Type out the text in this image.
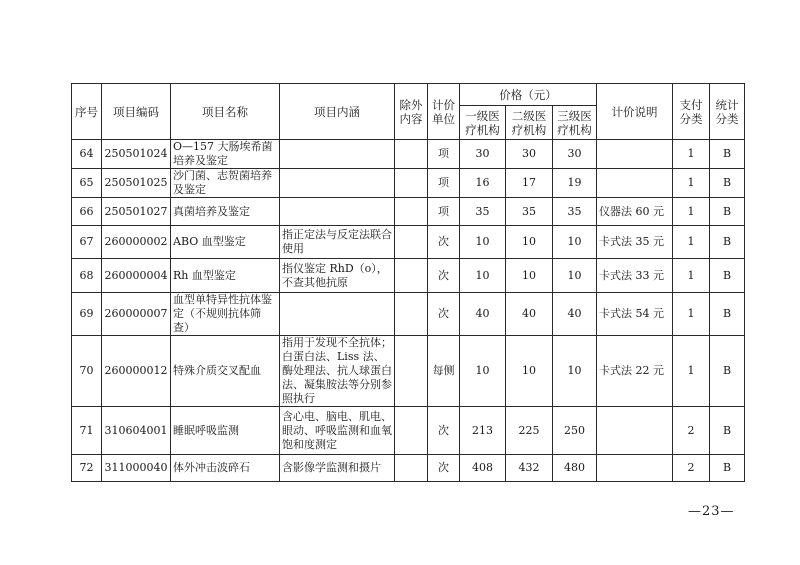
序号	项目编码	项目名称	项目内涵	除外内容	计价单位	价格（元）			计价说明	支付分类	统计分类
						一级医疗机构	二级医疗机构	三级医疗机构			
64	250501024	O—157 大肠埃希菌培养及鉴定			项	30	30	30		1	B
65	250501025	沙门菌、志贺菌培养及鉴定			项	16	17	19		1	B
66	250501027	真菌培养及鉴定			项	35	35	35	仪器法 60 元	1	B
67	260000002	ABO 血型鉴定	指正定法与反定法联合使用		次	10	10	10	卡式法 35 元	1	B
68	260000004	Rh 血型鉴定	指仪鉴定 RhD（o），不查其他抗原		次	10	10	10	卡式法 33 元	1	B
69	260000007	血型单特异性抗体鉴定（不规则抗体筛查）			次	40	40	40	卡式法 54 元	1	B
70	260000012	特殊介质交叉配血	指用于发现不全抗体；白蛋白法、Liss 法、酶处理法、抗人球蛋白法、凝集胺法等分别参照执行		每侧	10	10	10	卡式法 22 元	1	B
71	310604001	睡眠呼吸监测	含心电、脑电、肌电、眼动、呼吸监测和血氧饱和度测定		次	213	225	250		2	B
72	311000040	体外冲击波碎石	含影像学监测和摄片		次	408	432	480		2	B
—23—
